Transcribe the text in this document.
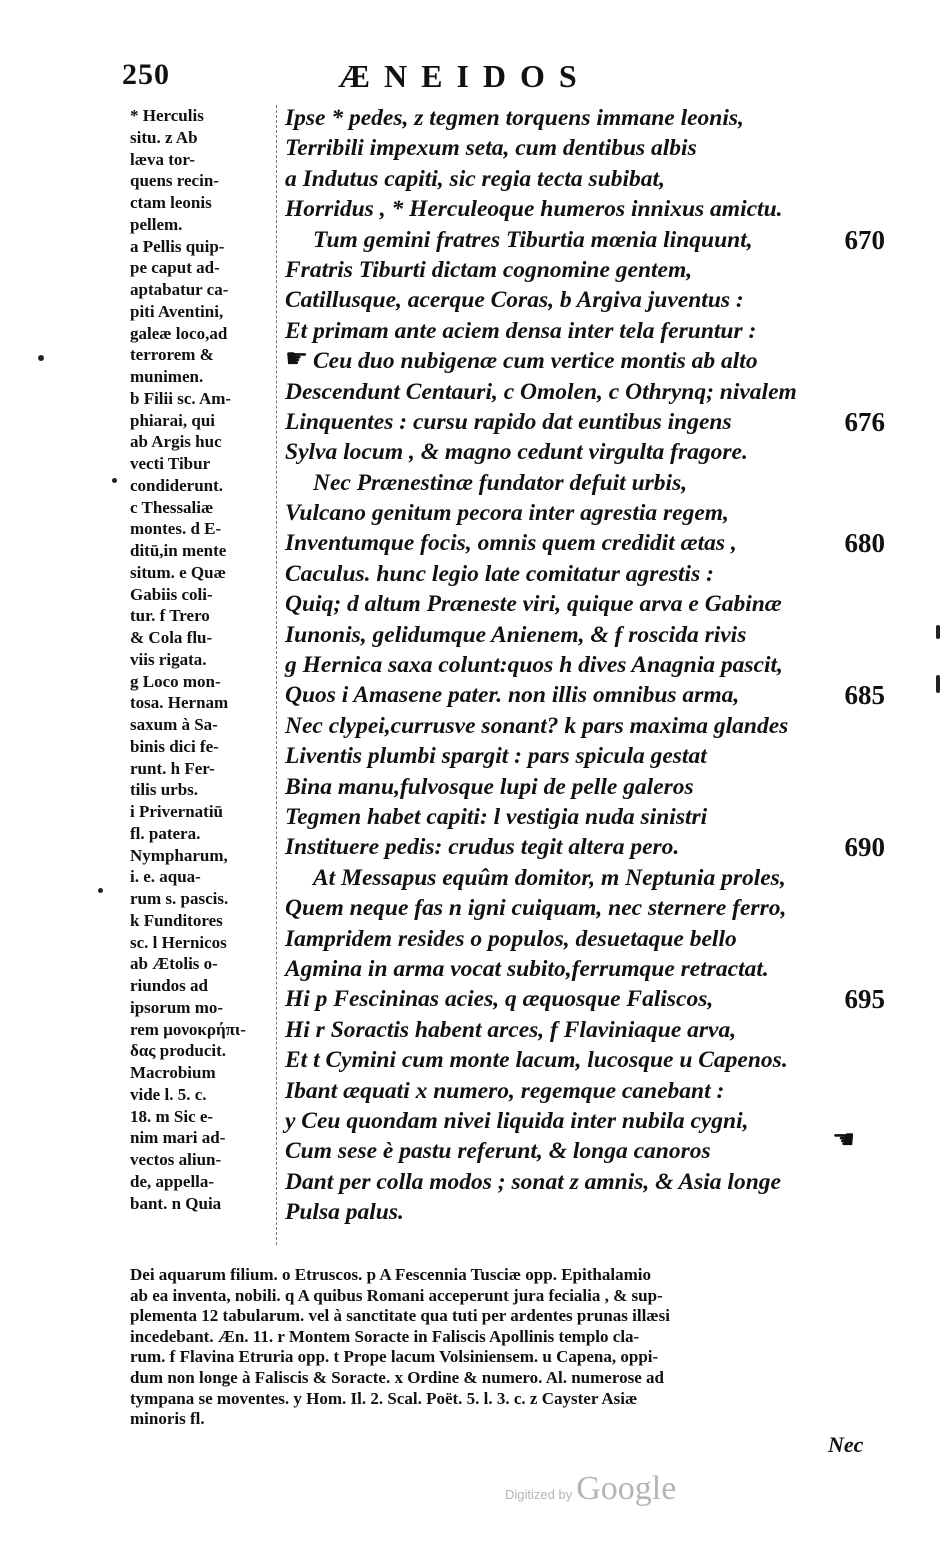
250	ÆNEIDOS
* Herculis
situ. z Ab
læva tor-
quens recin-
ctam leonis
pellem.
a Pellis quip-
pe caput ad-
aptabatur ca-
piti Aventini,
galeæ loco,ad
terrorem &
munimen.
b Filii sc. Am-
phiarai, qui
ab Argis huc
vecti Tibur
condiderunt.
c Thessaliæ
montes. d E-
ditū,in mente
situm. e Quæ
Gabiis coli-
tur. f Trero
& Cola flu-
viis rigata.
g Loco mon-
tosa. Hernam
saxum à Sa-
binis dici fe-
runt. h Fer-
tilis urbs.
i Privernatiū
fl. patera.
Nympharum,
i. e. aqua-
rum s. pascis.
k Funditores
sc. l Hernicos
ab Ætolis o-
riundos ad
ipsorum mo-
rem μονοκρήπι-
δας producit.
Macrobium
vide l. 5. c.
18. m Sic e-
nim mari ad-
vectos aliun-
de, appella-
bant. n Quia
Ipse * pedes, z tegmen torquens immane leonis,
Terribili impexum seta, cum dentibus albis
a Indutus capiti, sic regia tecta subibat,
Horridus , * Herculeoque humeros innixus amictu.
Tum gemini fratres Tiburtia mœnia linquunt,	670
Fratris Tiburti dictam cognomine gentem,
Catillusque, acerque Coras, b Argiva juventus :
Et primam ante aciem densa inter tela feruntur :
Ceu duo nubigenæ cum vertice montis ab alto
Descendunt Centauri, c Omolen, c Othrynq; nivalem
Linquentes : cursu rapido dat euntibus ingens	676
Sylva locum , & magno cedunt virgulta fragore.
Nec Prænestinæ fundator defuit urbis,
Vulcano genitum pecora inter agrestia regem,
Inventumque focis, omnis quem credidit ætas ,	680
Caculus. hunc legio late comitatur agrestis :
Quiq; d altum Præneste viri, quique arva e Gabinæ
Iunonis, gelidumque Anienem, & f roscida rivis
g Hernica saxa colunt:quos h dives Anagnia pascit,
Quos i Amasene pater. non illis omnibus arma,	685
Nec clypei,currusve sonant? k pars maxima glandes
Liventis plumbi spargit : pars spicula gestat
Bina manu,fulvosque lupi de pelle galeros
Tegmen habet capiti: l vestigia nuda sinistri
Instituere pedis: crudus tegit altera pero.	690
At Messapus equûm domitor, m Neptunia proles,
Quem neque fas n igni cuiquam, nec sternere ferro,
Iampridem resides o populos, desuetaque bello
Agmina in arma vocat subito,ferrumque retractat.
Hi p Fescininas acies, q æquosque Faliscos,	695
Hi r Soractis habent arces, f Flaviniaque arva,
Et t Cymini cum monte lacum, lucosque u Capenos.
Ibant æquati x numero, regemque canebant :
y Ceu quondam nivei liquida inter nubila cygni,
Cum sese è pastu referunt, & longa canoros
Dant per colla modos ; sonat z amnis, & Asia longe
Pulsa palus.
☛
☚
Dei aquarum filium. o Etruscos. p A Fescennia Tusciæ opp. Epithalamio
ab ea inventa, nobili. q A quibus Romani acceperunt jura fecialia , & sup-
plementa 12 tabularum. vel à sanctitate qua tuti per ardentes prunas illæsi
incedebant. Æn. 11. r Montem Soracte in Faliscis Apollinis templo cla-
rum. f Flavina Etruria opp. t Prope lacum Volsiniensem. u Capena, oppi-
dum non longe à Faliscis & Soracte. x Ordine & numero. Al. numerose ad
tympana se moventes. y Hom. Il. 2. Scal. Poët. 5. l. 3. c. z Cayster Asiæ
minoris fl.
Nec
Digitized by Google
